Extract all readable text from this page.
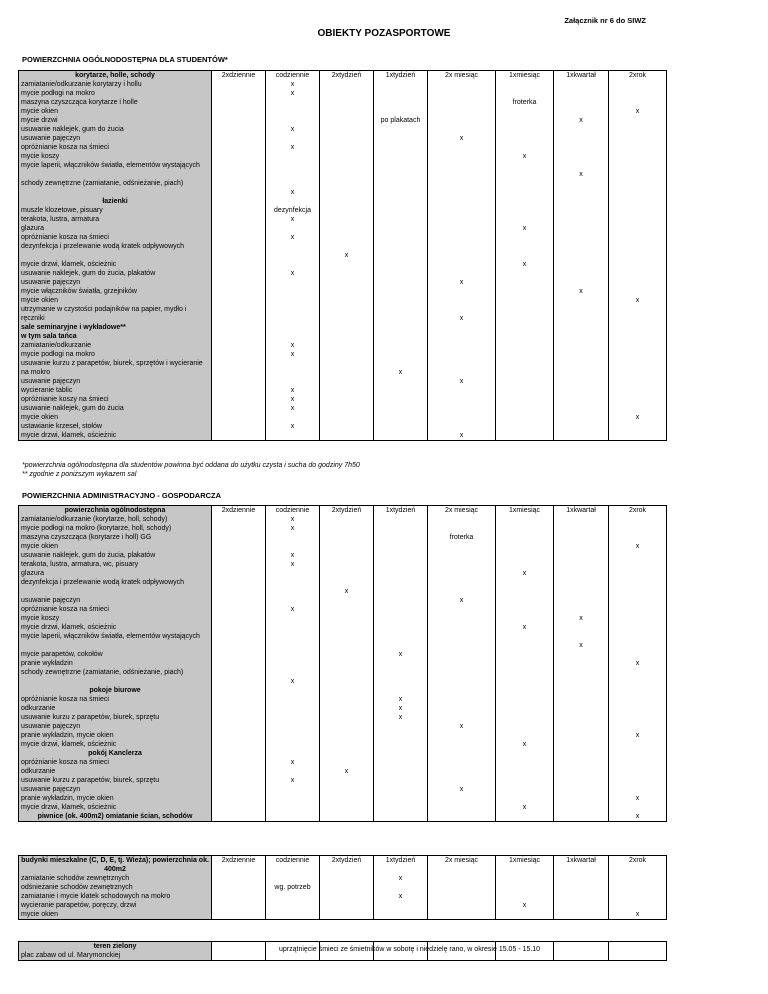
Załącznik nr 6 do SIWZ
OBIEKTY POZASPORTOWE
POWIERZCHNIA OGÓLNODOSTĘPNA DLA STUDENTÓW*
korytarze, holle, schody	2xdziennie	codziennie	2xtydzień	1xtydzień	2x miesiąc	1xmiesiąc	1xkwartał	2xrok
zamiatanie/odkurzanie korytarzy i hollu		x						
mycie podłogi na mokro		x						
maszyna czyszcząca korytarze i holle						froterka		
mycie okien								x
mycie drzwi				po plakatach			x	
usuwanie naklejek, gum do żucia		x						
usuwanie pajęczyn					x			
opróżnianie kosza na śmieci		x						
mycie koszy						x		
mycie laperii, włączników światła, elementów wystających							x	
schody zewnętrzne (zamiatanie, odśnieżanie, piach)		x						
łazienki								
muszle klozetowe, pisuary		dezynfekcja						
terakota, lustra, armatura		x						
glazura						x		
opróżnianie kosza na śmieci		x						
dezynfekcja i przelewanie wodą kratek odpływowych			x					
mycie drzwi, klamek, ościeżnic						x		
usuwanie naklejek, gum do żucia, plakatów		x						
usuwanie pajęczyn					x			
mycie włączników światła, grzejników							x	
mycie okien								x
utrzymanie w czystości podajników na papier, mydło i ręczniki					x			
sale seminaryjne i wykładowe**								
w tym sala tańca								
zamiatanie/odkurzanie		x						
mycie podłogi na mokro		x						
usuwanie kurzu z parapetów, biurek, sprzętów i wycieranie na mokro				x				
usuwanie pajęczyn					x			
wycieranie tablic		x						
opróżnianie koszy na śmieci		x						
usuwanie naklejek, gum do żucia		x						
mycie okien								x
ustawianie krzeseł, stołów		x						
mycie drzwi, klamek, ościeżnic					x			
*powierzchnia ogólnodostępna dla studentów powinna być oddana do użytku czysta i sucha do godziny 7h50
** zgodnie z poniższym wykazem sal
POWIERZCHNIA ADMINISTRACYJNO - GOSPODARCZA
powierzchnia ogólnodostępna	2xdziennie	codziennie	2xtydzień	1xtydzień	2x miesiąc	1xmiesiąc	1xkwartał	2xrok
zamiatanie/odkurzanie (korytarze, holl, schody)		x						
mycie podłogi na mokro (korytarze, holl, schody)		x						
maszyna czyszcząca (korytarze i holl) GG					froterka			
mycie okien								x
usuwanie naklejek, gum do żucia, plakatów		x						
terakota, lustra, armatura, wc, pisuary		x						
glazura						x		
dezynfekcja i przelewanie wodą kratek odpływowych			x					
usuwanie pajęczyn					x			
opróżnianie kosza na śmieci		x						
mycie koszy							x	
mycie drzwi, klamek, ościeżnic						x		
mycie laperii, włączników światła, elementów wystających							x	
mycie parapetów, cokołów				x				
pranie wykładzin								x
schody zewnętrzne (zamiatanie, odśnieżanie, piach)		x						
pokoje biurowe								
opróżnianie kosza na śmieci				x				
odkurzanie				x				
usuwanie kurzu z parapetów, biurek, sprzętu				x				
usuwanie pajęczyn					x			
pranie wykładzin, mycie okien								x
mycie drzwi, klamek, ościeżnic						x		
pokój Kanclerza								
opróżnianie kosza na śmieci		x						
odkurzanie			x					
usuwanie kurzu z parapetów, biurek, sprzętu		x						
usuwanie pajęczyn					x			
pranie wykładzin, mycie okien								x
mycie drzwi, klamek, ościeżnic						x		
piwnice (ok. 400m2) omiatanie ścian, schodów								x
budynki mieszkalne (C, D, E, tj. Wieża); powierzchnia ok. 400m2	2xdziennie	codziennie	2xtydzień	1xtydzień	2x miesiąc	1xmiesiąc	1xkwartał	2xrok
zamiatanie schodów zewnętrznych				x				
odśnieżanie schodów zewnętrznych		wg. potrzeb						
zamiatanie i mycie klatek schodowych na mokro				x				
wycieranie parapetów, poręczy, drzwi						x		
mycie okien								x
teren zielony								
plac zabaw od ul. Marymonckiej								
uprzątnięcie śmieci ze śmietników w sobotę i niedzielę rano, w okresie 15.05 - 15.10
